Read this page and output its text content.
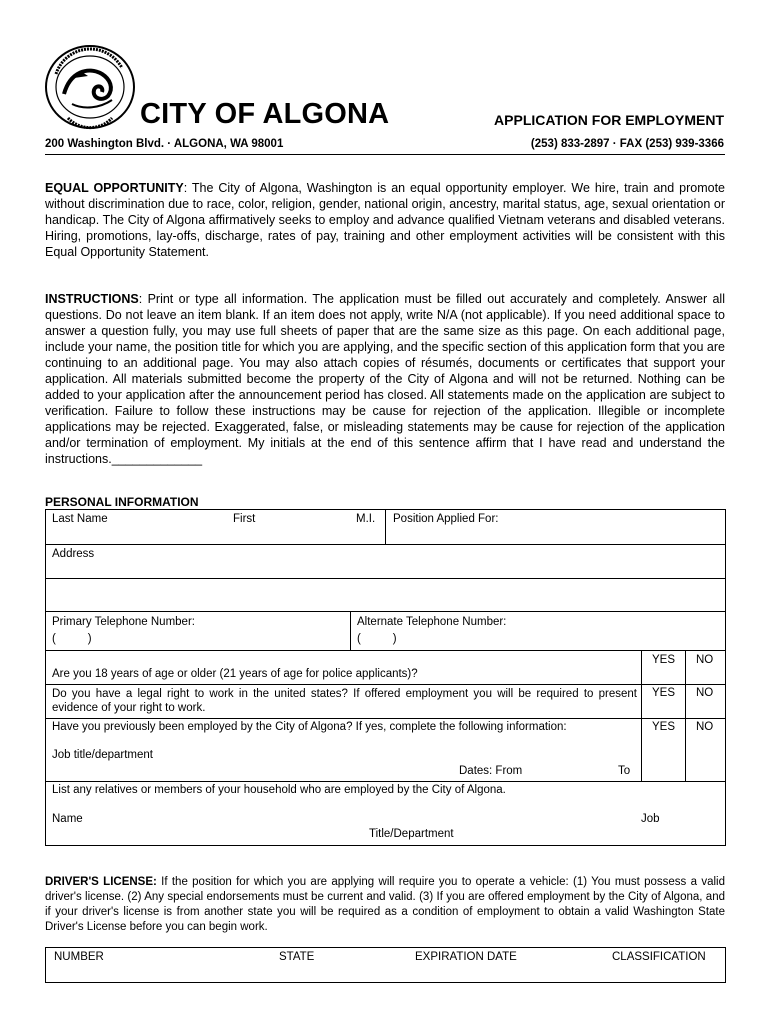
CITY OF ALGONA	APPLICATION FOR EMPLOYMENT
200 Washington Blvd. · ALGONA, WA 98001	(253) 833-2897 · FAX (253) 939-3366
EQUAL OPPORTUNITY: The City of Algona, Washington is an equal opportunity employer. We hire, train and promote without discrimination due to race, color, religion, gender, national origin, ancestry, marital status, age, sexual orientation or handicap. The City of Algona affirmatively seeks to employ and advance qualified Vietnam veterans and disabled veterans. Hiring, promotions, lay-offs, discharge, rates of pay, training and other employment activities will be consistent with this Equal Opportunity Statement.
INSTRUCTIONS: Print or type all information. The application must be filled out accurately and completely. Answer all questions. Do not leave an item blank. If an item does not apply, write N/A (not applicable). If you need additional space to answer a question fully, you may use full sheets of paper that are the same size as this page. On each additional page, include your name, the position title for which you are applying, and the specific section of this application form that you are continuing to an additional page. You may also attach copies of résumés, documents or certificates that support your application. All materials submitted become the property of the City of Algona and will not be returned. Nothing can be added to your application after the announcement period has closed. All statements made on the application are subject to verification. Failure to follow these instructions may be cause for rejection of the application. Illegible or incomplete applications may be rejected. Exaggerated, false, or misleading statements may be cause for rejection of the application and/or termination of employment. My initials at the end of this sentence affirm that I have read and understand the instructions._____________
PERSONAL INFORMATION
Last Name	First	M.I. Position Applied For:
Address
Primary Telephone Number:
(          )
Alternate Telephone Number:
(          )
Are you 18 years of age or older (21 years of age for police applicants)?
YES NO
Do you have a legal right to work in the united states? If offered employment you will be required to present evidence of your right to work.
YES NO
Have you previously been employed by the City of Algona? If yes, complete the following information:
Job title/department
Dates: From	To
YES NO
List any relatives or members of your household who are employed by the City of Algona.
Name	Job
Title/Department
DRIVER'S LICENSE: If the position for which you are applying will require you to operate a vehicle: (1) You must possess a valid driver's license. (2) Any special endorsements must be current and valid. (3) If you are offered employment by the City of Algona, and if your driver's license is from another state you will be required as a condition of employment to obtain a valid Washington State Driver's License before you can begin work.
NUMBER	STATE	EXPIRATION DATE	CLASSIFICATION
